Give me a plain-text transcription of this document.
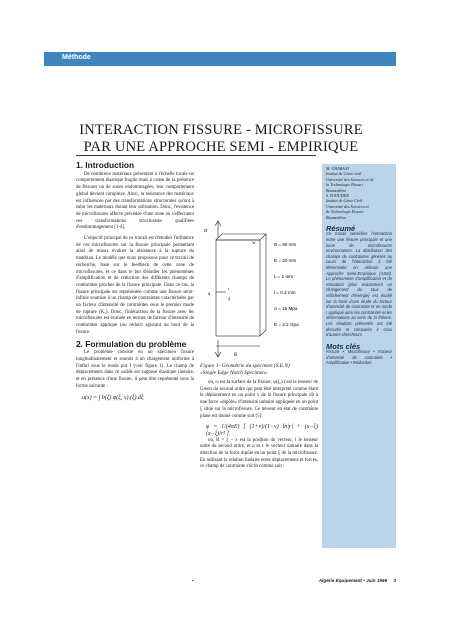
Méthode
INTERACTION FISSURE - MICROFISSURE
PAR UNE APPROCHE SEMI - EMPIRIQUE
1. Introduction

De nombreux matériaux présentent à l'échelle locale un comportement élastique fragile mais à cause de la présence de fissures ou de zones endommagées, leur comportement global devient complexe. Ainsi, la résistance des matériaux est influencée par des transformations structurales qu'ont à subir les matériaux durant leur utilisation. Donc, l'existence de microfissures affecte précédée d'une zone où s'effectuent ces transformations structurales qualifiées d'endommagement [1-4].

L'objectif principal de ce travail est d'étudier l'influence de ces microfissures sur la fissure principale permettant ainsi de mieux évaluer la résistance à la rupture du matériau. Le modèle que nous proposons pour ce travail de recherche, basé sur le feedback de cette zone de microfissures, et ce dans le but d'étudier les phénomènes d'amplification et de réduction des différents champs de contraintes proches de la fissure principale. Dans ce cas, la fissure principale est représentée comme une fissure semi-infinie soumise à un champ de contraintes caractérisées par un facteur d'intensité de contraintes sous le premier mode de rupture (K₁). Donc, l'interaction de la fissure avec les microfissures est évaluée en termes de facteur d'intensité de contraintes appliqué (ou réduit) agissant au bout de la fissure.

2. Formulation du problème

Le problème consiste en un spécimen fissuré longitudinalement et soumis à un chargement uniforme à l'infini sous le mode pur I (voir figure 1). Le champ de déplacements dans ce solide est supposé élastique linéaire, et en présence d'une fissure, il peut être représenté sous la forme suivante :

u(x) = ∫ b(ξ).φ(ξ, x).(ξ).dξ
σ
B
a
w
r
d
B = 80 mm
E = 20 mm
L = 1 mm
l = 0.3 mm
σ = 15 Mpa
E = 2.2 Gpa
Figure 1- Géométrie du spécimen (S.E.N)
«Single Edge Notch Specimen»

où, ω est la surface de la fissure, φ(ξ,x) est le tenseur de Green du second ordre qui peut être interprété comme étant le déplacement en un point x de la fissure principale dû à une force «dipôle» d'intensité unitaire appliquée en un point ξ situé sur la microfissure. Ce tenseur en état de contrainte plane est donné comme suit [5]:

φ = 1/(4πE) [ (1+ν)/(1−ν) ln|r| + (x−ξ)(x−ξ)/r² ]

où, R = ξ − x est la position du vecteur, l le tenseur unité du second ordre, et n et τ le vecteur unitaire dans la direction de la force dipôle en un point ξ de la microfissure. En utilisant la relation linéaire entre déplacements et forces, ce champ de contrainte s'écrit comme suit :

M. CHABAAT
Institut de Génie civil
Université des Sciences et de
la Technologie Houari
Boumediène
S. DJOUDER
Institut de Génie Civil
Université des Sciences et
de Technologie Houari
Boumediène.
Résumé
Ce travail considère l'interaction entre une fissure principale et une zone de microfissures environnantes. La distribution des champs de contraintes générés au cours de l'interaction à été déterminée en utilisant une Approche Semi-Empirique (ASM). Le phénomène d'amplification et de relaxation (plus exactement un changement du taux de relâchement d'énergie) est étudié sur la base d'une étude du facteur d'intensité de contrainte et en mode I appliqué ainsi les contraintes et les déformations au sens de la théorie. Les résultats présentés ont été discutés et comparés à ceux d'autres chercheurs.
Mots clés
Fissure • Microfissure • Facteur d'intensité de contrainte • Amplification • Réduction.
•	Algérie Equipement • Juin 1999 3
